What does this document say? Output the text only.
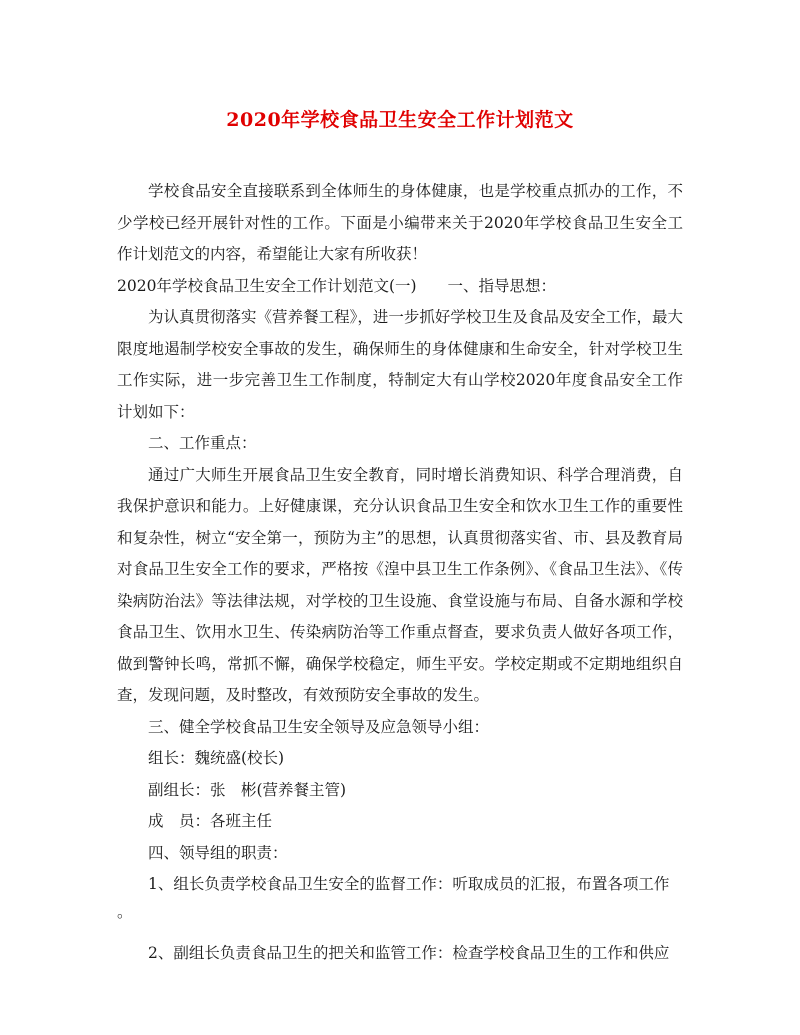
2020年学校食品卫生安全工作计划范文

学校食品安全直接联系到全体师生的身体健康，也是学校重点抓办的工作，不少学校已经开展针对性的工作。下面是小编带来关于2020年学校食品卫生安全工作计划范文的内容，希望能让大家有所收获！

2020年学校食品卫生安全工作计划范文(一)　　一、指导思想：

为认真贯彻落实《营养餐工程》，进一步抓好学校卫生及食品及安全工作，最大限度地遏制学校安全事故的发生，确保师生的身体健康和生命安全，针对学校卫生工作实际，进一步完善卫生工作制度，特制定大有山学校2020年度食品安全工作计划如下：

二、工作重点：

通过广大师生开展食品卫生安全教育，同时增长消费知识、科学合理消费，自我保护意识和能力。上好健康课，充分认识食品卫生安全和饮水卫生工作的重要性和复杂性，树立“安全第一，预防为主”的思想，认真贯彻落实省、市、县及教育局对食品卫生安全工作的要求，严格按《湟中县卫生工作条例》、《食品卫生法》、《传染病防治法》等法律法规，对学校的卫生设施、食堂设施与布局、自备水源和学校食品卫生、饮用水卫生、传染病防治等工作重点督查，要求负责人做好各项工作，做到警钟长鸣，常抓不懈，确保学校稳定，师生平安。学校定期或不定期地组织自查，发现问题，及时整改，有效预防安全事故的发生。

三、健全学校食品卫生安全领导及应急领导小组：

组长：魏统盛(校长)

副组长：张　彬(营养餐主管)

成　员：各班主任

四、领导组的职责：

1、组长负责学校食品卫生安全的监督工作：听取成员的汇报，布置各项工作

。

2、副组长负责食品卫生的把关和监管工作：检查学校食品卫生的工作和供应
